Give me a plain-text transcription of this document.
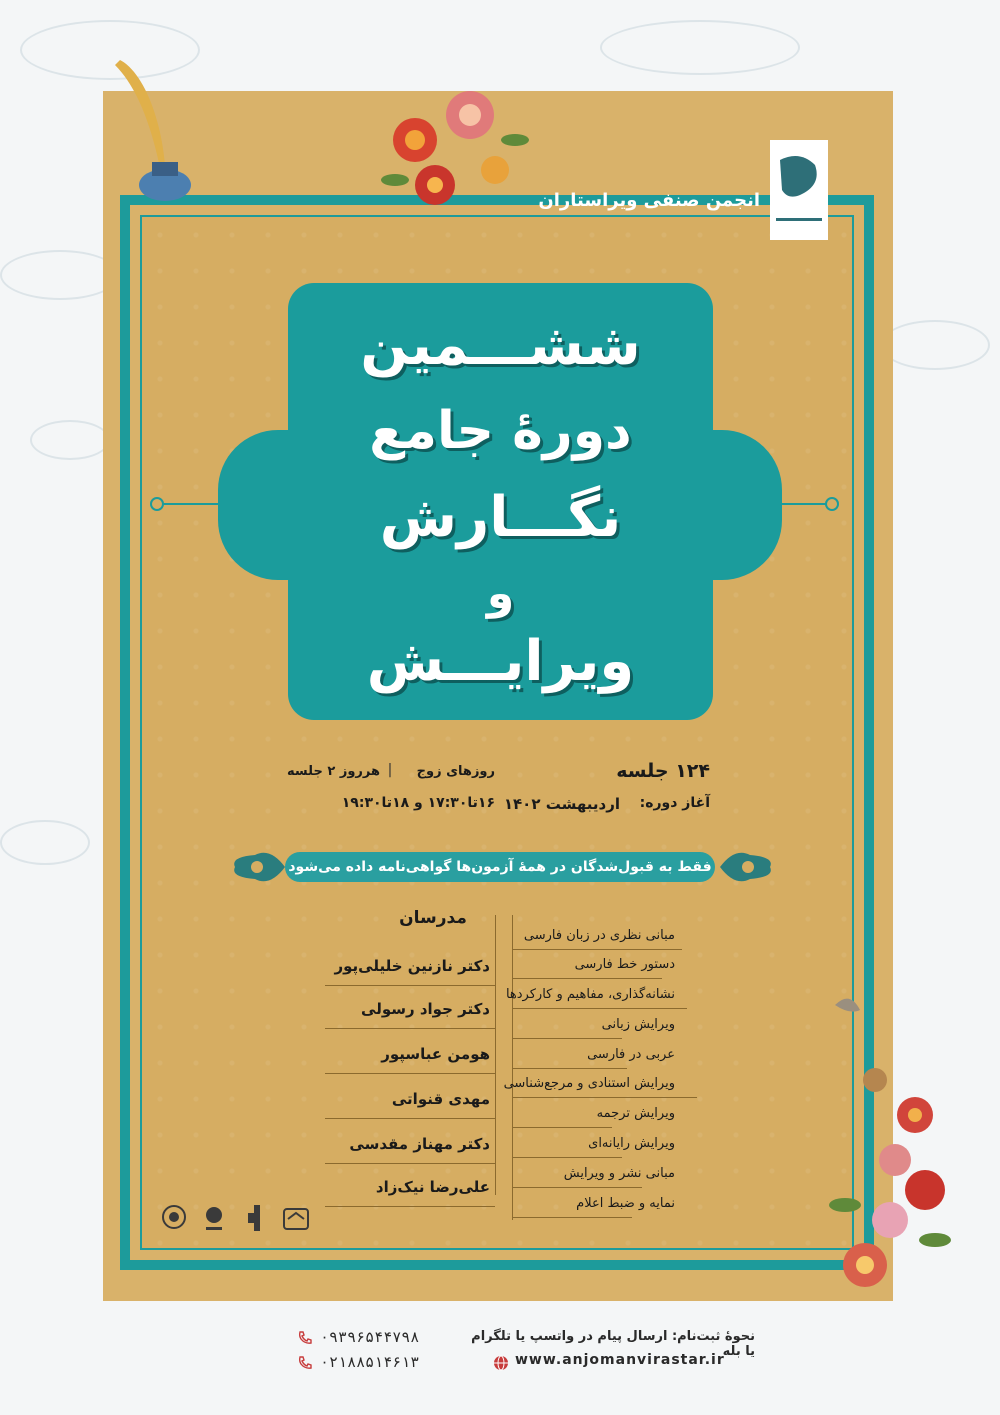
انجمن صنفی ویراستاران
ششـــمین
دورهٔ جامع
نگـــارش
و
ویرایـــش
۱۲۴ جلسه
آغاز دوره:
اردیبهشت ۱۴۰۲
روزهای زوج
|
هرروز ۲ جلسه
۱۶تا۱۷:۳۰ و ۱۸تا۱۹:۳۰
فقط به قبول‌شدگان در همهٔ آزمون‌ها گواهی‌نامه داده می‌شود
مدرسان
دکتر نازنین خلیلی‌پور
دکتر جواد رسولی
هومن عباسپور
مهدی قنواتی
دکتر مهناز مقدسی
علی‌رضا نیک‌زاد
مبانی نظری در زبان فارسی
دستور خط فارسی
نشانه‌گذاری، مفاهیم و کارکردها
ویرایش زبانی
عربی در فارسی
ویرایش استنادی و مرجع‌شناسی
ویرایش ترجمه
ویرایش رایانه‌ای
مبانی نشر و ویرایش
نمایه و ضبط اعلام
نحوهٔ ثبت‌نام: ارسال پیام در واتسپ یا تلگرام یا بله
www.anjomanvirastar.ir
۰۹۳۹۶۵۴۴۷۹۸
۰۲۱۸۸۵۱۴۶۱۳
